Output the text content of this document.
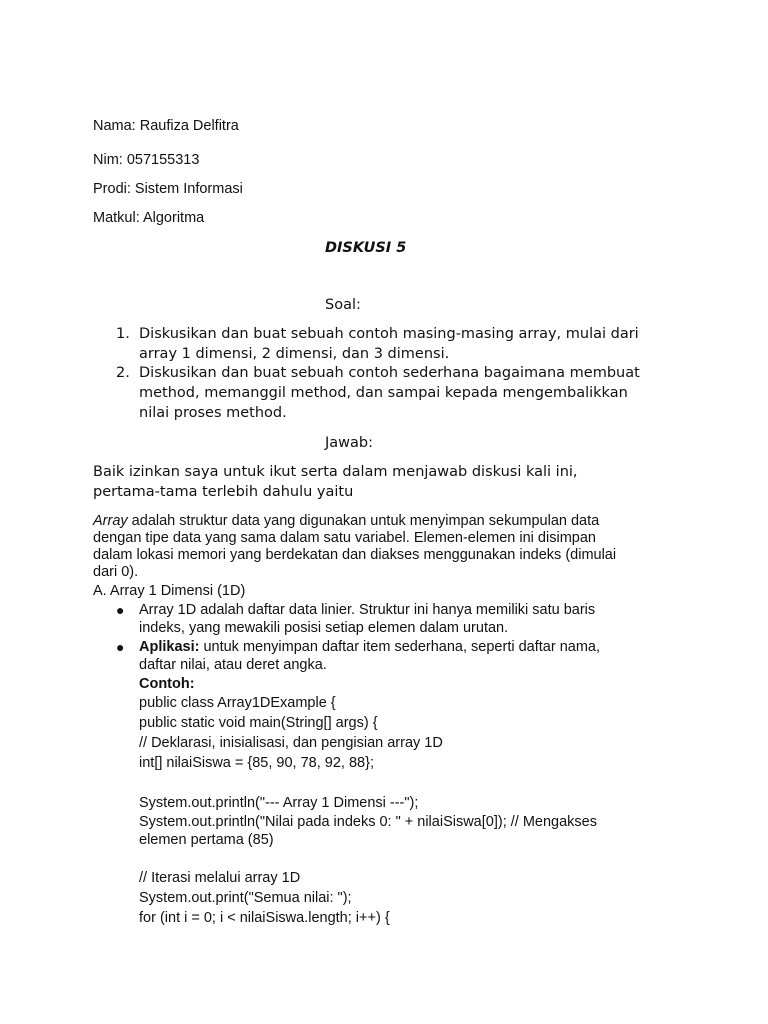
Nama: Raufiza Delfitra
Nim: 057155313
Prodi: Sistem Informasi
Matkul: Algoritma
DISKUSI 5
Soal:
1. Diskusikan dan buat sebuah contoh masing-masing array, mulai dari
array 1 dimensi, 2 dimensi, dan 3 dimensi.
2. Diskusikan dan buat sebuah contoh sederhana bagaimana membuat
method, memanggil method, dan sampai kepada mengembalikkan
nilai proses method.
Jawab:
Baik izinkan saya untuk ikut serta dalam menjawab diskusi kali ini,
pertama-tama terlebih dahulu yaitu
Array adalah struktur data yang digunakan untuk menyimpan sekumpulan data
dengan tipe data yang sama dalam satu variabel. Elemen-elemen ini disimpan
dalam lokasi memori yang berdekatan dan diakses menggunakan indeks (dimulai
dari 0).
A. Array 1 Dimensi (1D)
● Array 1D adalah daftar data linier. Struktur ini hanya memiliki satu baris
indeks, yang mewakili posisi setiap elemen dalam urutan.
● Aplikasi: untuk menyimpan daftar item sederhana, seperti daftar nama,
daftar nilai, atau deret angka.
Contoh:
public class Array1DExample {
public static void main(String[] args) {
// Deklarasi, inisialisasi, dan pengisian array 1D
int[] nilaiSiswa = {85, 90, 78, 92, 88};
System.out.println("--- Array 1 Dimensi ---");
System.out.println("Nilai pada indeks 0: " + nilaiSiswa[0]); // Mengakses
elemen pertama (85)
// Iterasi melalui array 1D
System.out.print("Semua nilai: ");
for (int i = 0; i < nilaiSiswa.length; i++) {
